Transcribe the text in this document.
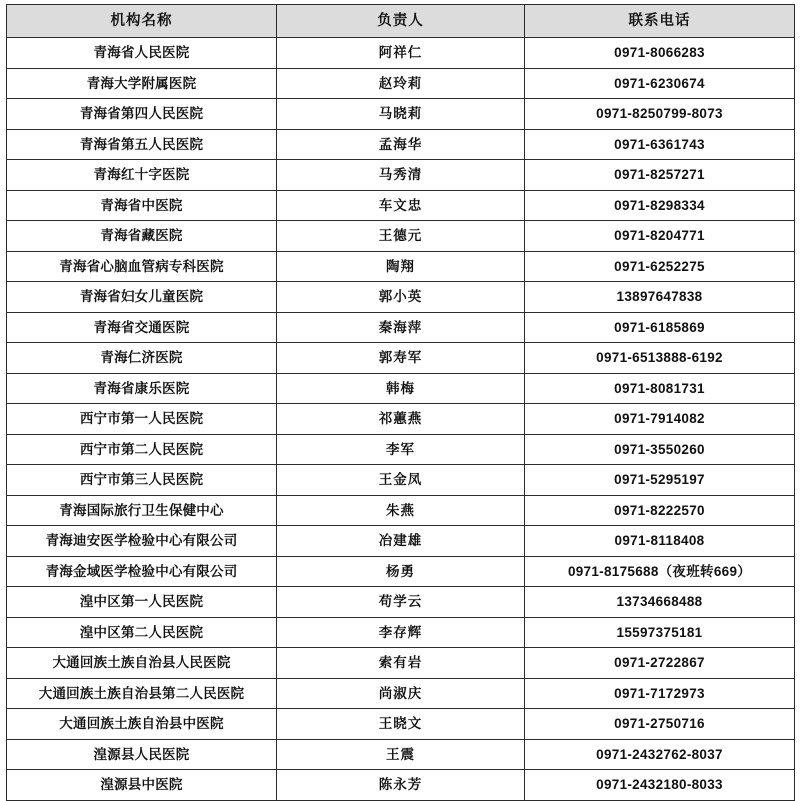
机构名称	负责人	联系电话
青海省人民医院	阿祥仁	0971-8066283
青海大学附属医院	赵玲莉	0971-6230674
青海省第四人民医院	马晓莉	0971-8250799-8073
青海省第五人民医院	孟海华	0971-6361743
青海红十字医院	马秀清	0971-8257271
青海省中医院	车文忠	0971-8298334
青海省藏医院	王德元	0971-8204771
青海省心脑血管病专科医院	陶翔	0971-6252275
青海省妇女儿童医院	郭小英	13897647838
青海省交通医院	秦海萍	0971-6185869
青海仁济医院	郭寿军	0971-6513888-6192
青海省康乐医院	韩梅	0971-8081731
西宁市第一人民医院	祁蕙燕	0971-7914082
西宁市第二人民医院	李军	0971-3550260
西宁市第三人民医院	王金凤	0971-5295197
青海国际旅行卫生保健中心	朱燕	0971-8222570
青海迪安医学检验中心有限公司	冶建雄	0971-8118408
青海金域医学检验中心有限公司	杨勇	0971-8175688（夜班转669）
湟中区第一人民医院	苟学云	13734668488
湟中区第二人民医院	李存辉	15597375181
大通回族土族自治县人民医院	索有岩	0971-2722867
大通回族土族自治县第二人民医院	尚淑庆	0971-7172973
大通回族土族自治县中医院	王晓文	0971-2750716
湟源县人民医院	王震	0971-2432762-8037
湟源县中医院	陈永芳	0971-2432180-8033
